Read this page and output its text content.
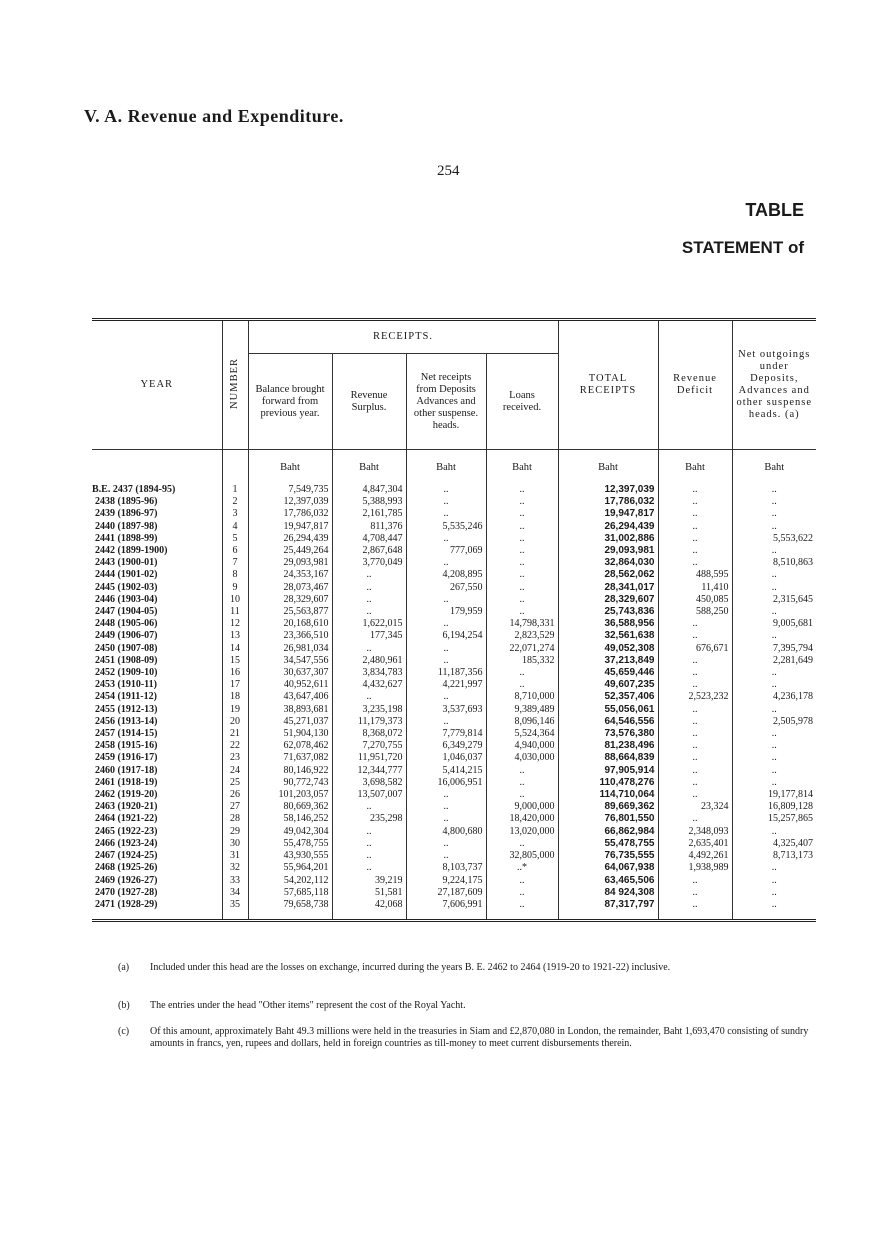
V. A. Revenue and Expenditure.
254
TABLE
STATEMENT of
YEAR	NUMBER	RECEIPTS.				TOTAL RECEIPTS	Revenue Deficit	Net outgoings under Deposits, Advances and other suspense heads. (a)
		Balance brought forward from previous year.	Revenue Surplus.	Net receipts from Deposits Advances and other suspense. heads.	Loans received.			
		Baht	Baht	Baht	Baht	Baht	Baht	Baht
B.E. 2437 (1894-95)	1	7,549,735	4,847,304	..	..	12,397,039	..	..
2438 (1895-96)	2	12,397,039	5,388,993	..	..	17,786,032	..	..
2439 (1896-97)	3	17,786,032	2,161,785	..	..	19,947,817	..	..
2440 (1897-98)	4	19,947,817	811,376	5,535,246	..	26,294,439	..	..
2441 (1898-99)	5	26,294,439	4,708,447	..	..	31,002,886	..	5,553,622
2442 (1899-1900)	6	25,449,264	2,867,648	777,069	..	29,093,981	..	..
2443 (1900-01)	7	29,093,981	3,770,049	..	..	32,864,030	..	8,510,863
2444 (1901-02)	8	24,353,167	..	4,208,895	..	28,562,062	488,595	..
2445 (1902-03)	9	28,073,467	..	267,550	..	28,341,017	11,410	..
2446 (1903-04)	10	28,329,607	..	..	..	28,329,607	450,085	2,315,645
2447 (1904-05)	11	25,563,877	..	179,959	..	25,743,836	588,250	..
2448 (1905-06)	12	20,168,610	1,622,015	..	14,798,331	36,588,956	..	9,005,681
2449 (1906-07)	13	23,366,510	177,345	6,194,254	2,823,529	32,561,638	..	..
2450 (1907-08)	14	26,981,034	..	..	22,071,274	49,052,308	676,671	7,395,794
2451 (1908-09)	15	34,547,556	2,480,961	..	185,332	37,213,849	..	2,281,649
2452 (1909-10)	16	30,637,307	3,834,783	11,187,356	..	45,659,446	..	..
2453 (1910-11)	17	40,952,611	4,432,627	4,221,997	..	49,607,235	..	..
2454 (1911-12)	18	43,647,406	..	..	8,710,000	52,357,406	2,523,232	4,236,178
2455 (1912-13)	19	38,893,681	3,235,198	3,537,693	9,389,489	55,056,061	..	..
2456 (1913-14)	20	45,271,037	11,179,373	..	8,096,146	64,546,556	..	2,505,978
2457 (1914-15)	21	51,904,130	8,368,072	7,779,814	5,524,364	73,576,380	..	..
2458 (1915-16)	22	62,078,462	7,270,755	6,349,279	4,940,000	81,238,496	..	..
2459 (1916-17)	23	71,637,082	11,951,720	1,046,037	4,030,000	88,664,839	..	..
2460 (1917-18)	24	80,146,922	12,344,777	5,414,215	..	97,905,914	..	..
2461 (1918-19)	25	90,772,743	3,698,582	16,006,951	..	110,478,276	..	..
2462 (1919-20)	26	101,203,057	13,507,007	..	..	114,710,064	..	19,177,814
2463 (1920-21)	27	80,669,362	..	..	9,000,000	89,669,362	23,324	16,809,128
2464 (1921-22)	28	58,146,252	235,298	..	18,420,000	76,801,550	..	15,257,865
2465 (1922-23)	29	49,042,304	..	4,800,680	13,020,000	66,862,984	2,348,093	..
2466 (1923-24)	30	55,478,755	..	..	..	55,478,755	2,635,401	4,325,407
2467 (1924-25)	31	43,930,555	..	..	32,805,000	76,735,555	4,492,261	8,713,173
2468 (1925-26)	32	55,964,201	..	8,103,737	..*	64,067,938	1,938,989	..
2469 (1926-27)	33	54,202,112	39,219	9,224,175	..	63,465,506	..	..
2470 (1927-28)	34	57,685,118	51,581	27,187,609	..	84 924,308	..	..
2471 (1928-29)	35	79,658,738	42,068	7,606,991	..	87,317,797	..	..

(a) Included under this head are the losses on exchange, incurred during the years B. E. 2462 to 2464 (1919-20 to 1921-22) inclusive.
(b) The entries under the head "Other items" represent the cost of the Royal Yacht.
(c) Of this amount, approximately Baht 49.3 millions were held in the treasuries in Siam and £2,870,080 in London, the remainder, Baht 1,693,470 consisting of sundry amounts in francs, yen, rupees and dollars, held in foreign countries as till-money to meet current disbursements therein.
